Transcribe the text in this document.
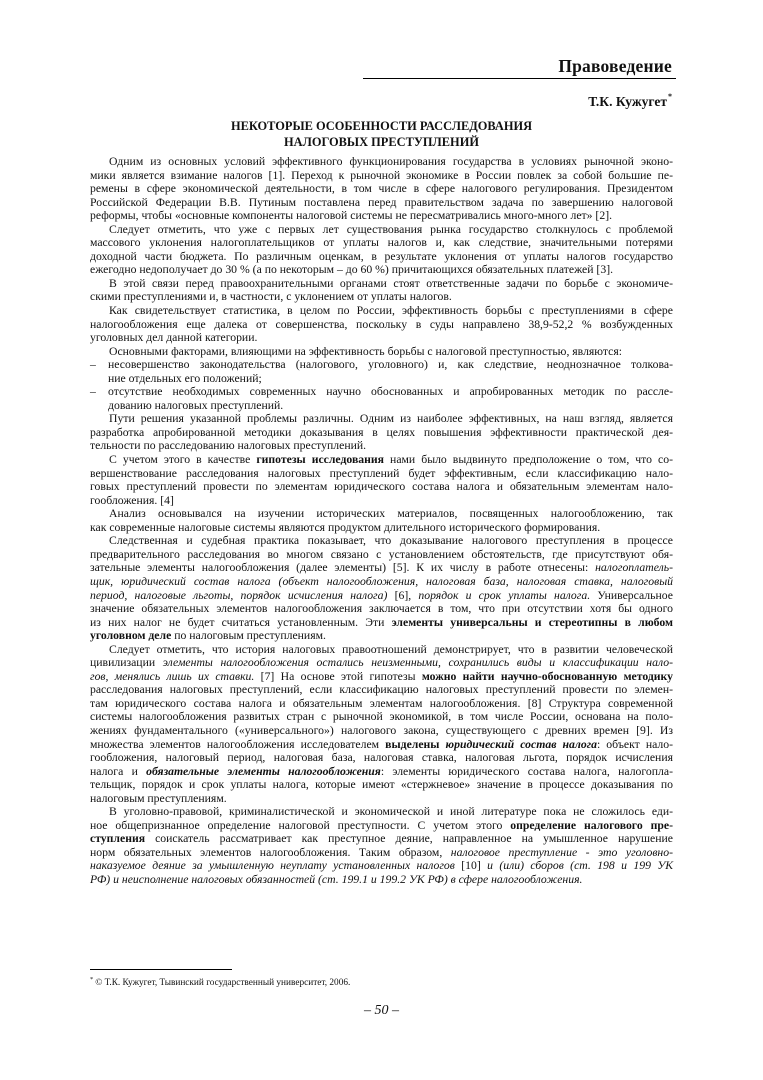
Правоведение
Т.К. Кужугет*
НЕКОТОРЫЕ ОСОБЕННОСТИ РАССЛЕДОВАНИЯ
НАЛОГОВЫХ ПРЕСТУПЛЕНИЙ
Одним из основных условий эффективного функционирования государства в условиях рыночной эконо-
мики является взимание налогов [1]. Переход к рыночной экономике в России повлек за собой большие пе-
ремены в сфере экономической деятельности, в том числе в сфере налогового регулирования. Президентом
Российской Федерации В.В. Путиным поставлена перед правительством задача по завершению налоговой
реформы, чтобы «основные компоненты налоговой системы не пересматривались много-много лет» [2].
Следует отметить, что уже с первых лет существования рынка государство столкнулось с проблемой
массового уклонения налогоплательщиков от уплаты налогов и, как следствие, значительными потерями
доходной части бюджета. По различным оценкам, в результате уклонения от уплаты налогов государство
ежегодно недополучает до 30 % (а по некоторым – до 60 %) причитающихся обязательных платежей [3].
В этой связи перед правоохранительными органами стоят ответственные задачи по борьбе с экономиче-
скими преступлениями и, в частности, с уклонением от уплаты налогов.
Как свидетельствует статистика, в целом по России, эффективность борьбы с преступлениями в сфере
налогообложения еще далека от совершенства, поскольку в суды направлено 38,9-52,2 % возбужденных
уголовных дел данной категории.
Основными факторами, влияющими на эффективность борьбы с налоговой преступностью, являются:
– несовершенство законодательства (налогового, уголовного) и, как следствие, неоднозначное толкова-
ние отдельных его положений;
– отсутствие необходимых современных научно обоснованных и апробированных методик по рассле-
дованию налоговых преступлений.
Пути решения указанной проблемы различны. Одним из наиболее эффективных, на наш взгляд, является
разработка апробированной методики доказывания в целях повышения эффективности практической дея-
тельности по расследованию налоговых преступлений.
С учетом этого в качестве гипотезы исследования нами было выдвинуто предположение о том, что со-
вершенствование расследования налоговых преступлений будет эффективным, если классификацию нало-
говых преступлений провести по элементам юридического состава налога и обязательным элементам нало-
гообложения. [4]
Анализ основывался на изучении исторических материалов, посвященных налогообложению, так
как современные налоговые системы являются продуктом длительного исторического формирования.
Следственная и судебная практика показывает, что доказывание налогового преступления в процессе
предварительного расследования во многом связано с установлением обстоятельств, где присутствуют обя-
зательные элементы налогообложения (далее элементы) [5]. К их числу в работе отнесены: налогоплатель-
щик, юридический состав налога (объект налогообложения, налоговая база, налоговая ставка, налоговый
период, налоговые льготы, порядок исчисления налога) [6], порядок и срок уплаты налога. Универсальное
значение обязательных элементов налогообложения заключается в том, что при отсутствии хотя бы одного
из них налог не будет считаться установленным. Эти элементы универсальны и стереотипны в любом
уголовном деле по налоговым преступлениям.
Следует отметить, что история налоговых правоотношений демонстрирует, что в развитии человеческой
цивилизации элементы налогообложения остались неизменными, сохранились виды и классификации нало-
гов, менялись лишь их ставки. [7] На основе этой гипотезы можно найти научно-обоснованную методику
расследования налоговых преступлений, если классификацию налоговых преступлений провести по элемен-
там юридического состава налога и обязательным элементам налогообложения. [8] Структура современной
системы налогообложения развитых стран с рыночной экономикой, в том числе России, основана на поло-
жениях фундаментального («универсального») налогового закона, существующего с древних времен [9]. Из
множества элементов налогообложения исследователем выделены юридический состав налога: объект нало-
гообложения, налоговый период, налоговая база, налоговая ставка, налоговая льгота, порядок исчисления
налога и обязательные элементы налогообложения: элементы юридического состава налога, налогопла-
тельщик, порядок и срок уплаты налога, которые имеют «стержневое» значение в процессе доказывания по
налоговым преступлениям.
В уголовно-правовой, криминалистической и экономической и иной литературе пока не сложилось еди-
ное общепризнанное определение налоговой преступности. С учетом этого определение налогового пре-
ступления соискатель рассматривает как преступное деяние, направленное на умышленное нарушение
норм обязательных элементов налогообложения. Таким образом, налоговое преступление - это уголовно-
наказуемое деяние за умышленную неуплату установленных налогов [10] и (или) сборов (ст. 198 и 199 УК
РФ) и неисполнение налоговых обязанностей (ст. 199.1 и 199.2 УК РФ) в сфере налогообложения.
* © Т.К. Кужугет, Тывинский государственный университет, 2006.
– 50 –
